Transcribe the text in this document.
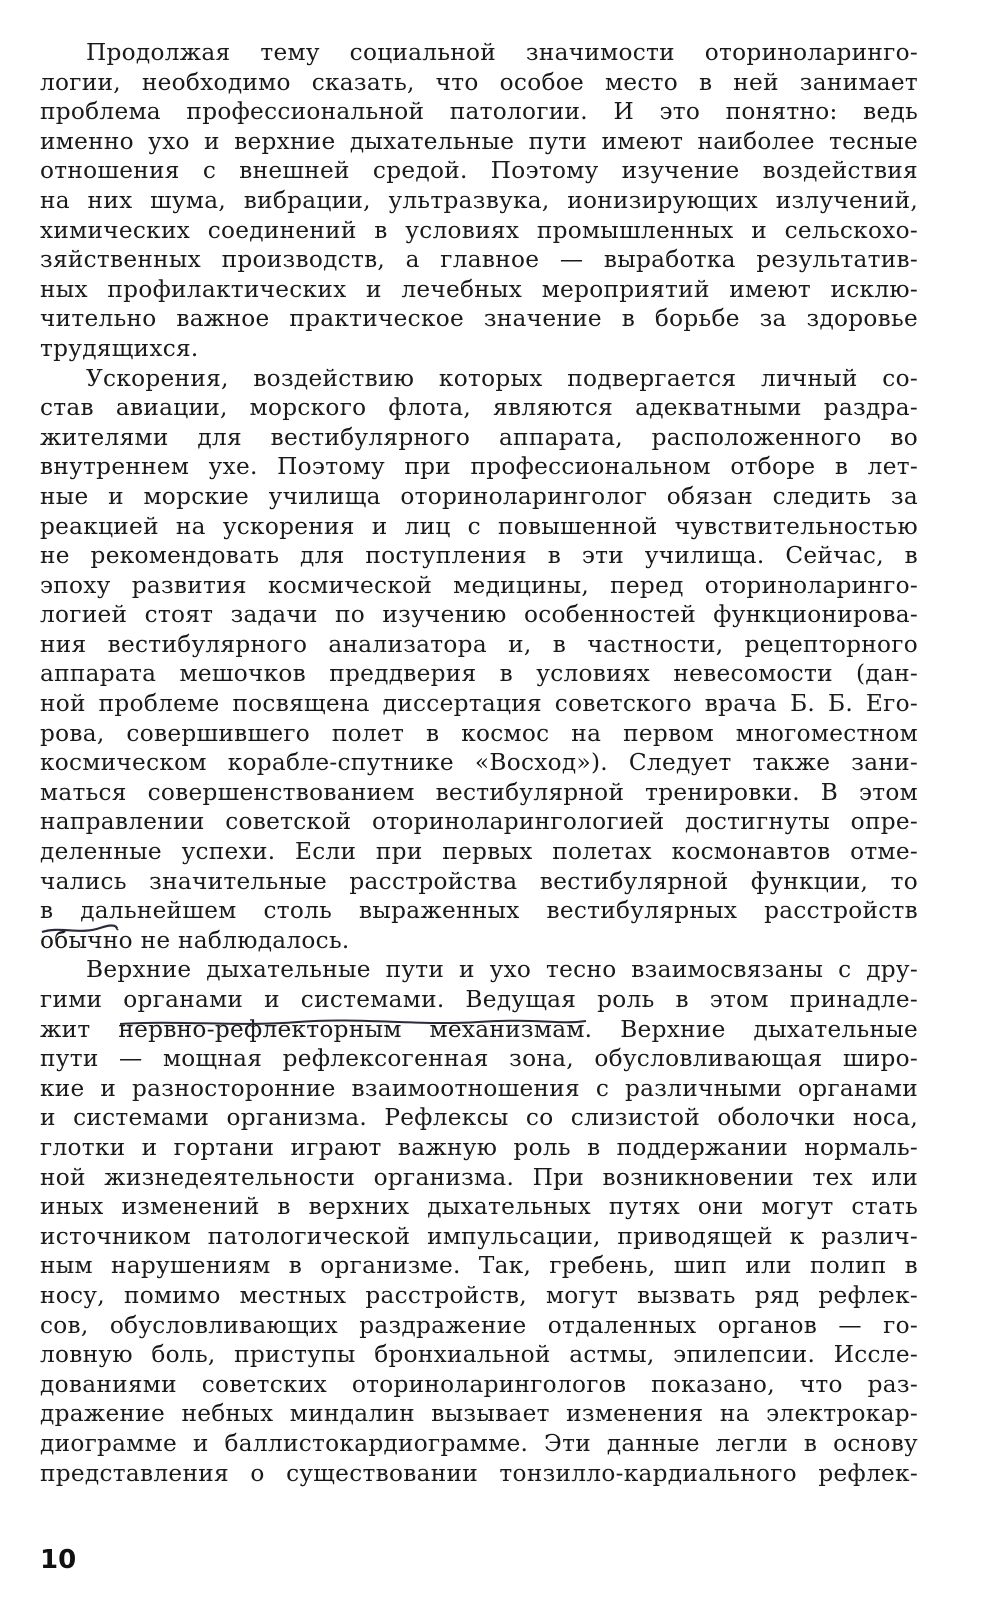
Продолжая тему социальной значимости оториноларинго-
логии, необходимо сказать, что особое место в ней занимает
проблема профессиональной патологии. И это понятно: ведь
именно ухо и верхние дыхательные пути имеют наиболее тесные
отношения с внешней средой. Поэтому изучение воздействия
на них шума, вибрации, ультразвука, ионизирующих излучений,
химических соединений в условиях промышленных и сельскохо-
зяйственных производств, а главное — выработка результатив-
ных профилактических и лечебных мероприятий имеют исклю-
чительно важное практическое значение в борьбе за здоровье
трудящихся.
Ускорения, воздействию которых подвергается личный со-
став авиации, морского флота, являются адекватными раздра-
жителями для вестибулярного аппарата, расположенного во
внутреннем ухе. Поэтому при профессиональном отборе в лет-
ные и морские училища оториноларинголог обязан следить за
реакцией на ускорения и лиц с повышенной чувствительностью
не рекомендовать для поступления в эти училища. Сейчас, в
эпоху развития космической медицины, перед оториноларинго-
логией стоят задачи по изучению особенностей функционирова-
ния вестибулярного анализатора и, в частности, рецепторного
аппарата мешочков преддверия в условиях невесомости (дан-
ной проблеме посвящена диссертация советского врача Б. Б. Его-
рова, совершившего полет в космос на первом многоместном
космическом корабле-спутнике «Восход»). Следует также зани-
маться совершенствованием вестибулярной тренировки. В этом
направлении советской оториноларингологией достигнуты опре-
деленные успехи. Если при первых полетах космонавтов отме-
чались значительные расстройства вестибулярной функции, то
в дальнейшем столь выраженных вестибулярных расстройств
обычно не наблюдалось.
Верхние дыхательные пути и ухо тесно взаимосвязаны с дру-
гими органами и системами. Ведущая роль в этом принадле-
жит нервно-рефлекторным механизмам. Верхние дыхательные
пути — мощная рефлексогенная зона, обусловливающая широ-
кие и разносторонние взаимоотношения с различными органами
и системами организма. Рефлексы со слизистой оболочки носа,
глотки и гортани играют важную роль в поддержании нормаль-
ной жизнедеятельности организма. При возникновении тех или
иных изменений в верхних дыхательных путях они могут стать
источником патологической импульсации, приводящей к различ-
ным нарушениям в организме. Так, гребень, шип или полип в
носу, помимо местных расстройств, могут вызвать ряд рефлек-
сов, обусловливающих раздражение отдаленных органов — го-
ловную боль, приступы бронхиальной астмы, эпилепсии. Иссле-
дованиями советских оториноларингологов показано, что раз-
дражение небных миндалин вызывает изменения на электрокар-
диограмме и баллистокардиограмме. Эти данные легли в основу
представления о существовании тонзилло-кардиального рефлек-
10
